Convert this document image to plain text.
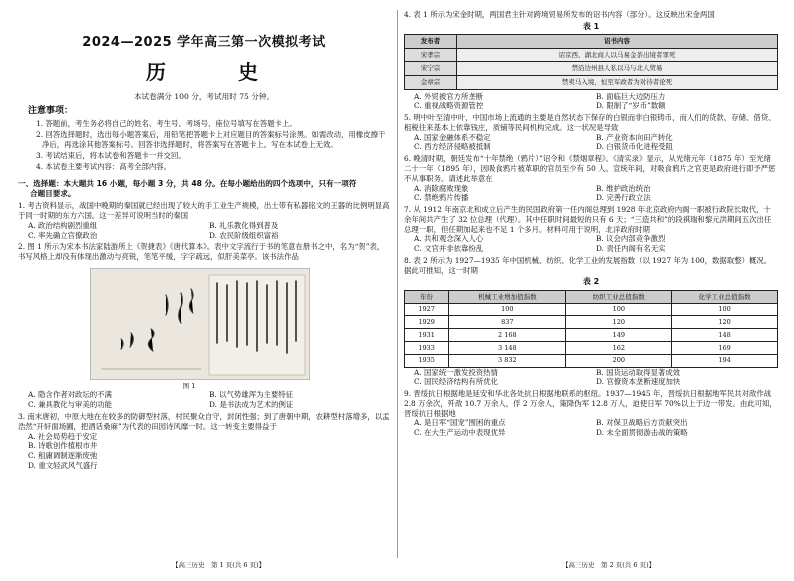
2024—2025 学年高三第一次模拟考试
历　史
本试卷满分 100 分，考试用时 75 分钟。
注意事项：
1. 答题前，考生务必将自己的姓名、考生号、考场号、座位号填写在答题卡上。
2. 回答选择题时，选出每小题答案后，用铅笔把答题卡上对应题目的答案标号涂黑。如需改动，用橡皮擦干净后，再选涂其他答案标号。回答非选择题时，将答案写在答题卡上。写在本试卷上无效。
3. 考试结束后，将本试卷和答题卡一并交回。
4. 本试卷主要考试内容：高考全部内容。
一、选择题：本大题共 16 小题，每小题 3 分，共 48 分。在每小题给出的四个选项中，只有一项符
合题目要求。
1. 考古资料显示，战国中晚期的秦国就已经出现了较大的手工业生产规模，出土带有私器铭文的王器的比例明显高于同一时期的东方六国。这一差异可说明当时的秦国
A. 政治结构剧烈重组	B. 礼乐教化得到普及
C. 率先确立官僚政治	D. 农民阶级组织富裕
2. 图 1 所示为宋本书法家陆游所上《贺捷表》《唐代算本》。表中文字流行于书的笔意在册书之中，名为“贺”表，书写风格上却没有体现出激动与亮锐，笔笔平缓，字字疏远，似肝美菜亭。该书法作品
图 1
A. 隐含作者对政坛的不满	B. 以气势雄浑为主要特征
C. 兼具教化与审美的功能	D. 是书法成为艺术的例证
3. 南末唐初，中原大地在在较多的防御型村落，村民聚众自守，封闭性强；到了唐朝中期，农耕型村落增多，以孟浩然“开轩面场圃，把酒话桑麻”为代表的田园诗风靡一时。这一转变主要得益于
A. 社会局势趋于安定
B. 诗歌创作植根市井
C. 租庸调制逐渐废弛
D. 重文轻武风气盛行
4. 表 1 所示为宋金时期，两国君主针对跨境贸易所发布的诏书内容（部分）。这反映出宋金两国
表 1
发布者	诏书内容
宋孝宗	诏京西、湖北商人以马易金茶出境者罪死
宋宁宗	禁沿边州县人私以马与北人贸易
金章宗	禁卖马入境，恒至军政者为对待者论死
A. 外贸被官方所垄断	B. 面临巨大边防压力
C. 重视战略资源管控	D. 限制了“岁币”数额
5. 明中叶至清中叶，中国市场上流通的主要是自然状态下保存的白银而非白银铸币，而人们的货款、存储、借贷、租税往来基本上依靠钱庄，质铺等民间机构完成。这一状况是导致
A. 国家金融体系不稳定	B. 产业资本向田产转化
C. 西方经济侵略被抵制	D. 白银货币化进程受阻
6. 晚清时期，朝廷发布“十年禁绝（鸦片）”诏令和《禁烟章程》。《清实录》显示，从光绪元年（1875 年）至光绪二十一年（1895 年），因吸食鸦片被革职的官员至少有 50 人。宣统年间，对吸食鸦片之官吏是政府进行即予严惩不从事职务。请述此举意在
A. 消除腐败现象	B. 维护政治统治
C. 禁绝鸦片传播	D. 完善行政立法
7. 从 1912 年南京北和成立后产生的民国政府第一任内阁总理到 1928 年北京政府内阁一职被行政院长取代，十余年间共产生了 32 位总理（代理）。其中任职时间最短的只有 6 天；“三造共和”的段祺瑞和黎元洪期间五次出任总理一职，但任期加起来也不足 1 个多月。材料可用于说明，北洋政府时期
A. 共和观念深入人心	B. 议会内部竞争激烈
C. 文官并非依靠纷乱	D. 责任内阁有名无实
8. 表 2 所示为 1927—1935 年中国机械、纺织、化学工业的发展指数（以 1927 年为 100，数据取整）概况。据此可推知，这一时期
表 2
年份	机械工业增加值指数	纺织工业总值指数	化学工业总值指数
1927	100	100	100
1929	837	120	120
1931	2 168	149	148
1933	3 148	162	169
1935	3 832	200	194
A. 国家统一激发投资热情	B. 国货运动取得显著成效
C. 国民经济结构有所优化	D. 官僚资本垄断速度加快
9. 晋绥抗日根据地是延安和华北各处抗日根据地联系的枢纽。1937—1945 年，晋绥抗日根据地军民共对敌作战 2.8 万余次，歼敌 10.7 万余人，俘 2 万余人，策降伪军 12.8 万人，迫使日军 70%以上于边一带发。由此可知，晋绥抗日根据地
A. 是日军“国宠”围困的重点	B. 对保卫战略后方贡献突出
C. 在大生产运动中表现优异	D. 未全面贯彻游击战的策略
【高三历史　第 1 页(共 6 页)】	【高三历史　第 2 页(共 6 页)】
